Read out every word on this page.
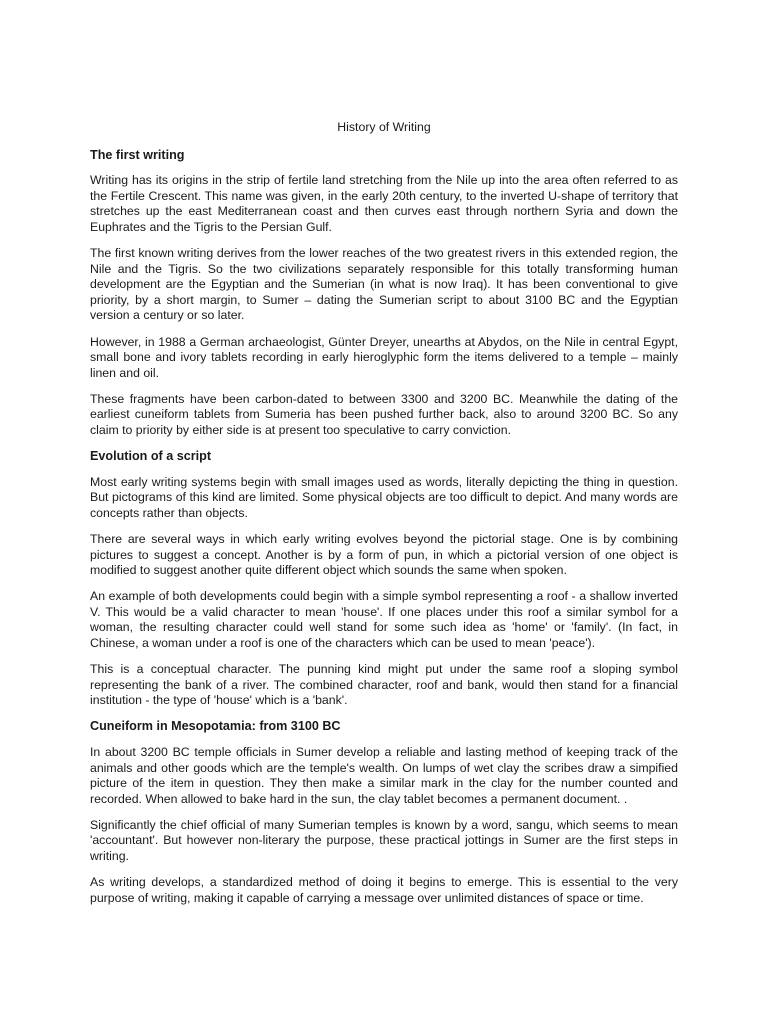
History of Writing

The first writing

Writing has its origins in the strip of fertile land stretching from the Nile up into the area often referred to as the Fertile Crescent. This name was given, in the early 20th century, to the inverted U-shape of territory that stretches up the east Mediterranean coast and then curves east through northern Syria and down the Euphrates and the Tigris to the Persian Gulf.

The first known writing derives from the lower reaches of the two greatest rivers in this extended region, the Nile and the Tigris. So the two civilizations separately responsible for this totally transforming human development are the Egyptian and the Sumerian (in what is now Iraq). It has been conventional to give priority, by a short margin, to Sumer – dating the Sumerian script to about 3100 BC and the Egyptian version a century or so later.

However, in 1988 a German archaeologist, Günter Dreyer, unearths at Abydos, on the Nile in central Egypt, small bone and ivory tablets recording in early hieroglyphic form the items delivered to a temple – mainly linen and oil.

These fragments have been carbon-dated to between 3300 and 3200 BC. Meanwhile the dating of the earliest cuneiform tablets from Sumeria has been pushed further back, also to around 3200 BC. So any claim to priority by either side is at present too speculative to carry conviction.

Evolution of a script

Most early writing systems begin with small images used as words, literally depicting the thing in question. But pictograms of this kind are limited. Some physical objects are too difficult to depict. And many words are concepts rather than objects.

There are several ways in which early writing evolves beyond the pictorial stage. One is by combining pictures to suggest a concept. Another is by a form of pun, in which a pictorial version of one object is modified to suggest another quite different object which sounds the same when spoken.

An example of both developments could begin with a simple symbol representing a roof - a shallow inverted V. This would be a valid character to mean 'house'. If one places under this roof a similar symbol for a woman, the resulting character could well stand for some such idea as 'home' or 'family'. (In fact, in Chinese, a woman under a roof is one of the characters which can be used to mean 'peace').

This is a conceptual character. The punning kind might put under the same roof a sloping symbol representing the bank of a river. The combined character, roof and bank, would then stand for a financial institution - the type of 'house' which is a 'bank'.

Cuneiform in Mesopotamia: from 3100 BC

In about 3200 BC temple officials in Sumer develop a reliable and lasting method of keeping track of the animals and other goods which are the temple's wealth. On lumps of wet clay the scribes draw a simpified picture of the item in question. They then make a similar mark in the clay for the number counted and recorded. When allowed to bake hard in the sun, the clay tablet becomes a permanent document. .

Significantly the chief official of many Sumerian temples is known by a word, sangu, which seems to mean 'accountant'. But however non-literary the purpose, these practical jottings in Sumer are the first steps in writing.

As writing develops, a standardized method of doing it begins to emerge. This is essential to the very purpose of writing, making it capable of carrying a message over unlimited distances of space or time.
